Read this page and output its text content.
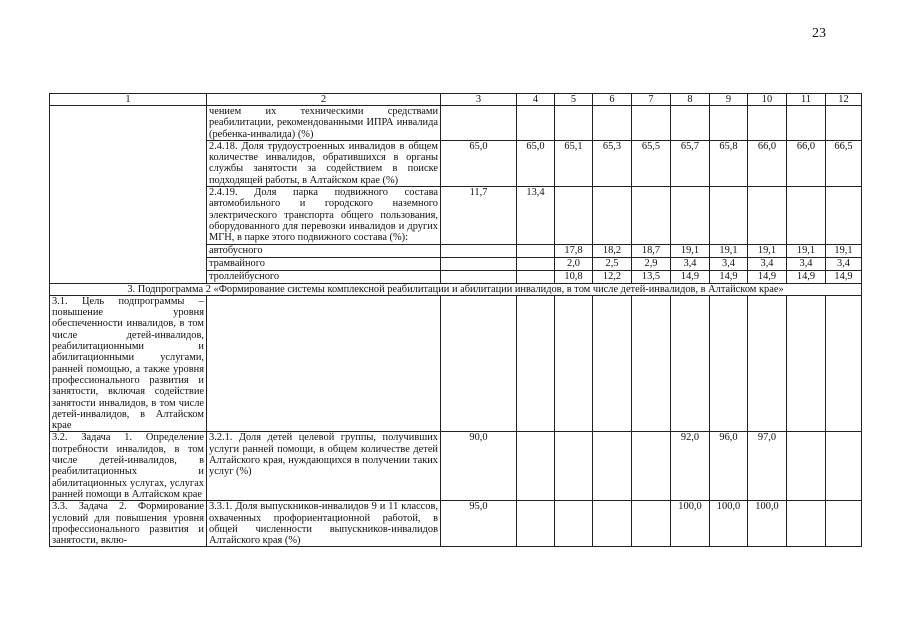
23
1	2	3	4	5	6	7	8	9	10	11	12
	чением их техническими средствами реабилитации, рекомендованными ИПРА инвалида (ребенка-инвалида) (%)										
	2.4.18. Доля трудоустроенных инвалидов в общем количестве инвалидов, обратившихся в органы службы занятости за содействием в поиске подходящей работы, в Алтайском крае (%)	65,0	65,0	65,1	65,3	65,5	65,7	65,8	66,0	66,0	66,5
	2.4.19. Доля парка подвижного состава автомобильного и городского наземного электрического транспорта общего пользования, оборудованного для перевозки инвалидов и других МГН, в парке этого подвижного состава (%):	11,7	13,4								
	автобусного			17,8	18,2	18,7	19,1	19,1	19,1	19,1	19,1
	трамвайного			2,0	2,5	2,9	3,4	3,4	3,4	3,4	3,4
	троллейбусного			10,8	12,2	13,5	14,9	14,9	14,9	14,9	14,9
3. Подпрограмма 2 «Формирование системы комплексной реабилитации и абилитации инвалидов, в том числе детей-инвалидов, в Алтайском крае»											
3.1. Цель подпрограммы – повышение уровня обеспеченности инвалидов, в том числе детей-инвалидов, реабилитационными и абилитационными услугами, ранней помощью, а также уровня профессионального развития и занятости, включая содействие занятости инвалидов, в том числе детей-инвалидов, в Алтайском крае											
3.2. Задача 1. Определение потребности инвалидов, в том числе детей-инвалидов, в реабилитационных и абилитационных услугах, услугах ранней помощи в Алтайском крае	3.2.1. Доля детей целевой группы, получивших услуги ранней помощи, в общем количестве детей Алтайского края, нуждающихся в получении таких услуг (%)	90,0					92,0	96,0	97,0		
3.3. Задача 2. Формирование условий для повышения уровня профессионального развития и занятости, вклю-	3.3.1. Доля выпускников-инвалидов 9 и 11 классов, охваченных профориентационной работой, в общей численности выпускников-инвалидов Алтайского края (%)	95,0					100,0	100,0	100,0		
